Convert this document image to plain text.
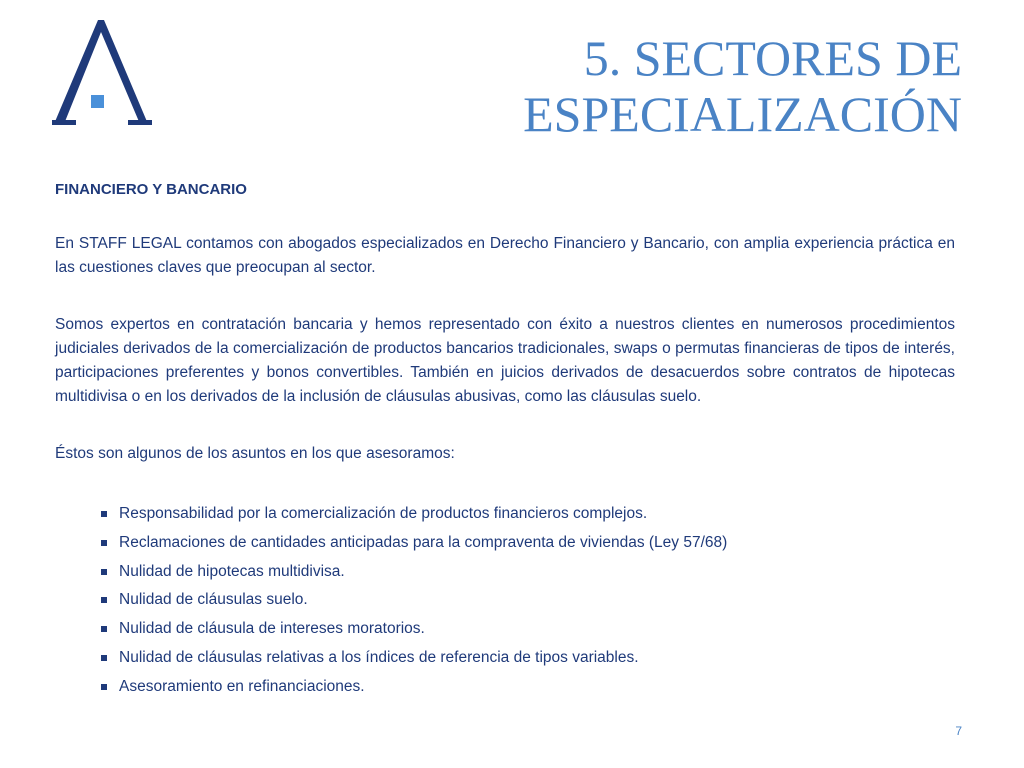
5. SECTORES DE
ESPECIALIZACIÓN
FINANCIERO Y BANCARIO

En STAFF LEGAL contamos con abogados especializados en Derecho Financiero y Bancario, con amplia experiencia práctica en las cuestiones claves que preocupan al sector.

Somos expertos en contratación bancaria y hemos representado con éxito a nuestros clientes en numerosos procedimientos judiciales derivados de la comercialización de productos bancarios tradicionales, swaps o permutas financieras de tipos de interés, participaciones preferentes y bonos convertibles. También en juicios derivados de desacuerdos sobre contratos de hipotecas multidivisa o en los derivados de la inclusión de cláusulas abusivas, como las cláusulas suelo.

Éstos son algunos de los asuntos en los que asesoramos:

Responsabilidad por la comercialización de productos financieros complejos.
Reclamaciones de cantidades anticipadas para la compraventa de viviendas (Ley 57/68)
Nulidad de hipotecas multidivisa.
Nulidad de cláusulas suelo.
Nulidad de cláusula de intereses moratorios.
Nulidad de cláusulas relativas a los índices de referencia de tipos variables.
Asesoramiento en refinanciaciones.
7
